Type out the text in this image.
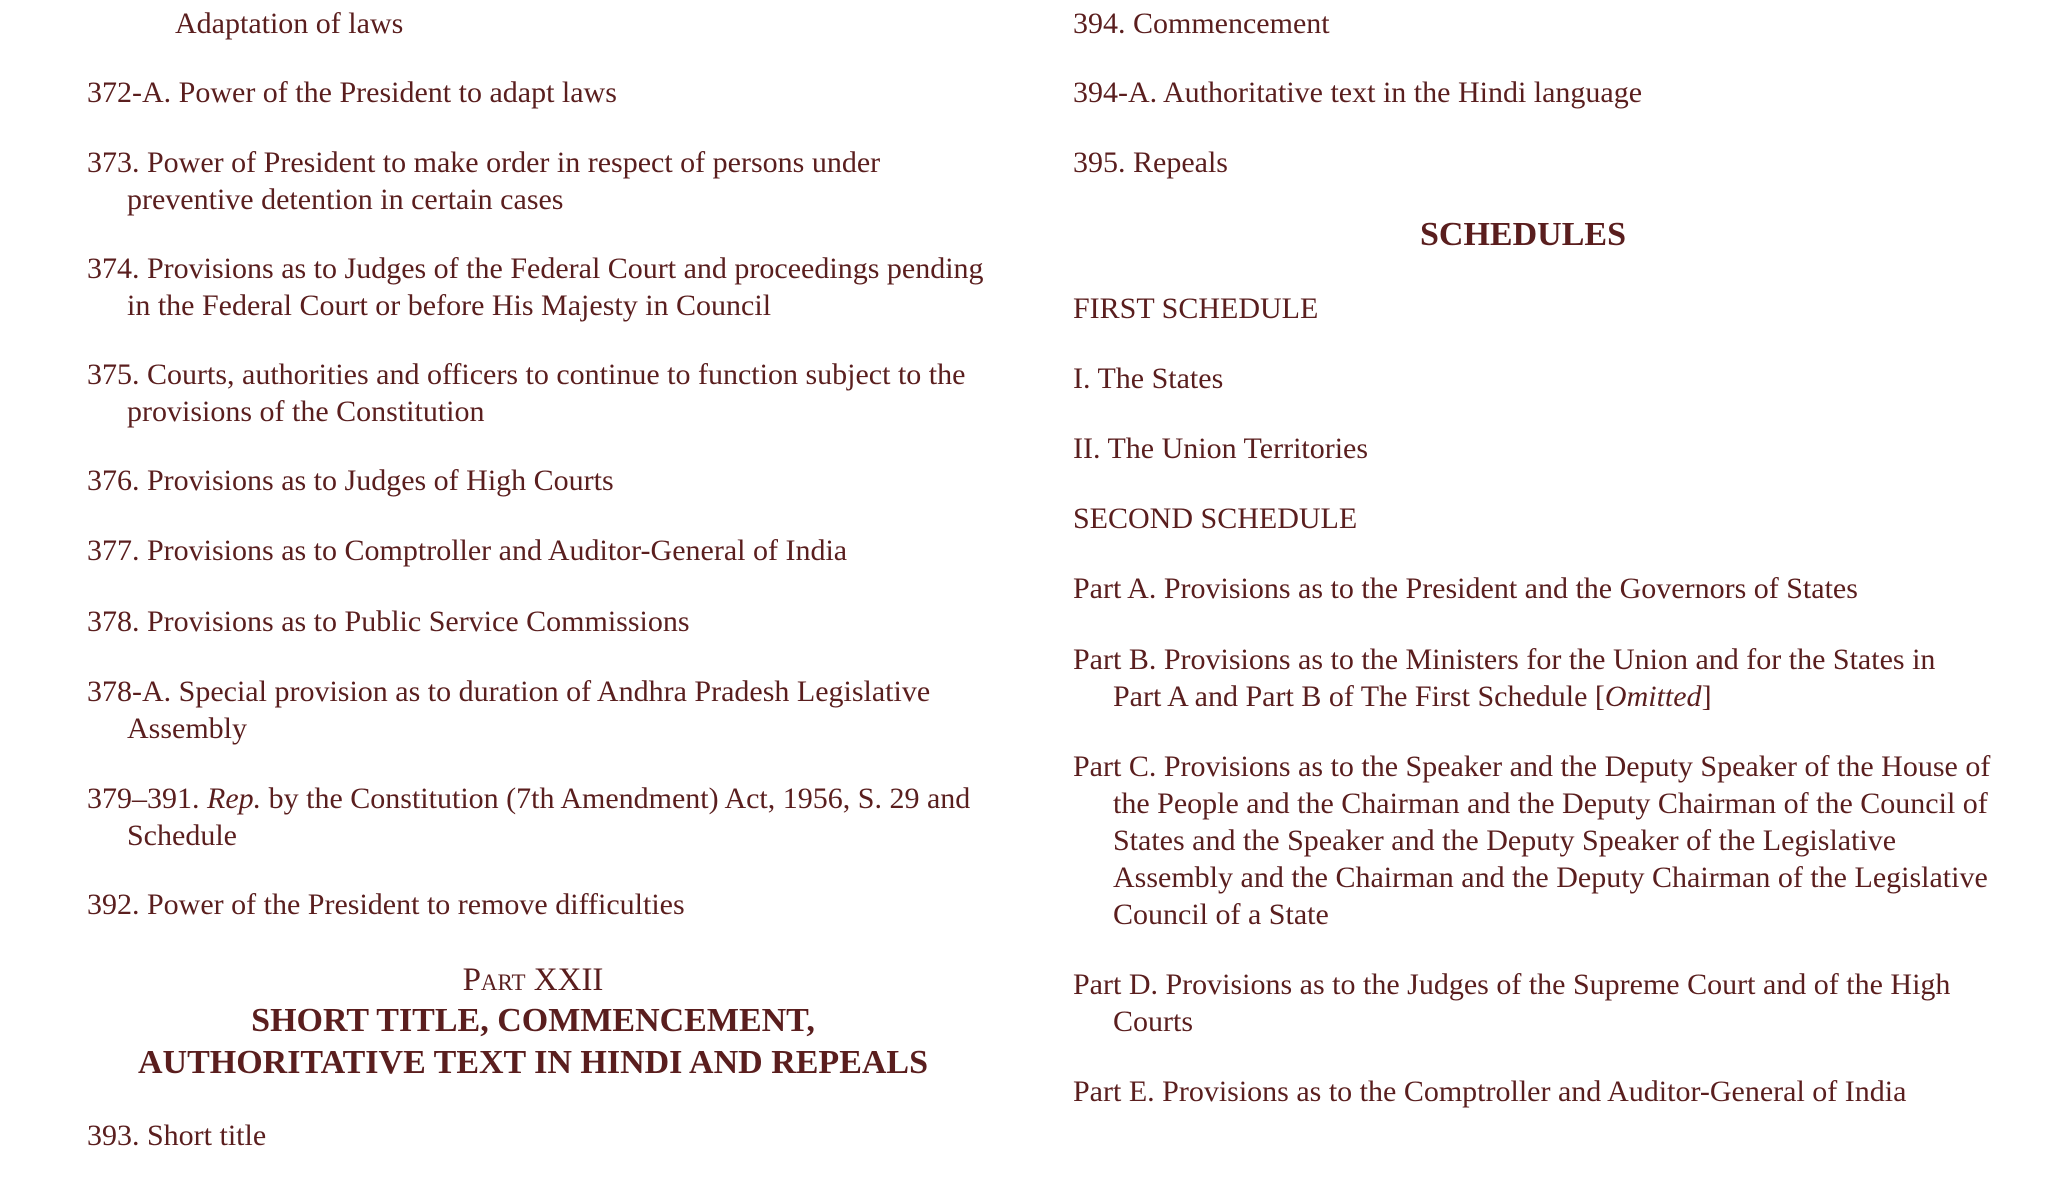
Adaptation of laws
372-A. Power of the President to adapt laws
373. Power of President to make order in respect of persons under preventive detention in certain cases
374. Provisions as to Judges of the Federal Court and proceedings pending in the Federal Court or before His Majesty in Council
375. Courts, authorities and officers to continue to function subject to the provisions of the Constitution
376. Provisions as to Judges of High Courts
377. Provisions as to Comptroller and Auditor-General of India
378. Provisions as to Public Service Commissions
378-A. Special provision as to duration of Andhra Pradesh Legislative Assembly
379–391. Rep. by the Constitution (7th Amendment) Act, 1956, S. 29 and Schedule
392. Power of the President to remove difficulties
Part XXII
SHORT TITLE, COMMENCEMENT,
AUTHORITATIVE TEXT IN HINDI AND REPEALS
393. Short title
394. Commencement
394-A. Authoritative text in the Hindi language
395. Repeals
SCHEDULES
FIRST SCHEDULE
I. The States
II. The Union Territories
SECOND SCHEDULE
Part A. Provisions as to the President and the Governors of States
Part B. Provisions as to the Ministers for the Union and for the States in Part A and Part B of The First Schedule [Omitted]
Part C. Provisions as to the Speaker and the Deputy Speaker of the House of the People and the Chairman and the Deputy Chairman of the Council of States and the Speaker and the Deputy Speaker of the Legislative Assembly and the Chairman and the Deputy Chairman of the Legislative Council of a State
Part D. Provisions as to the Judges of the Supreme Court and of the High Courts
Part E. Provisions as to the Comptroller and Auditor-General of India
